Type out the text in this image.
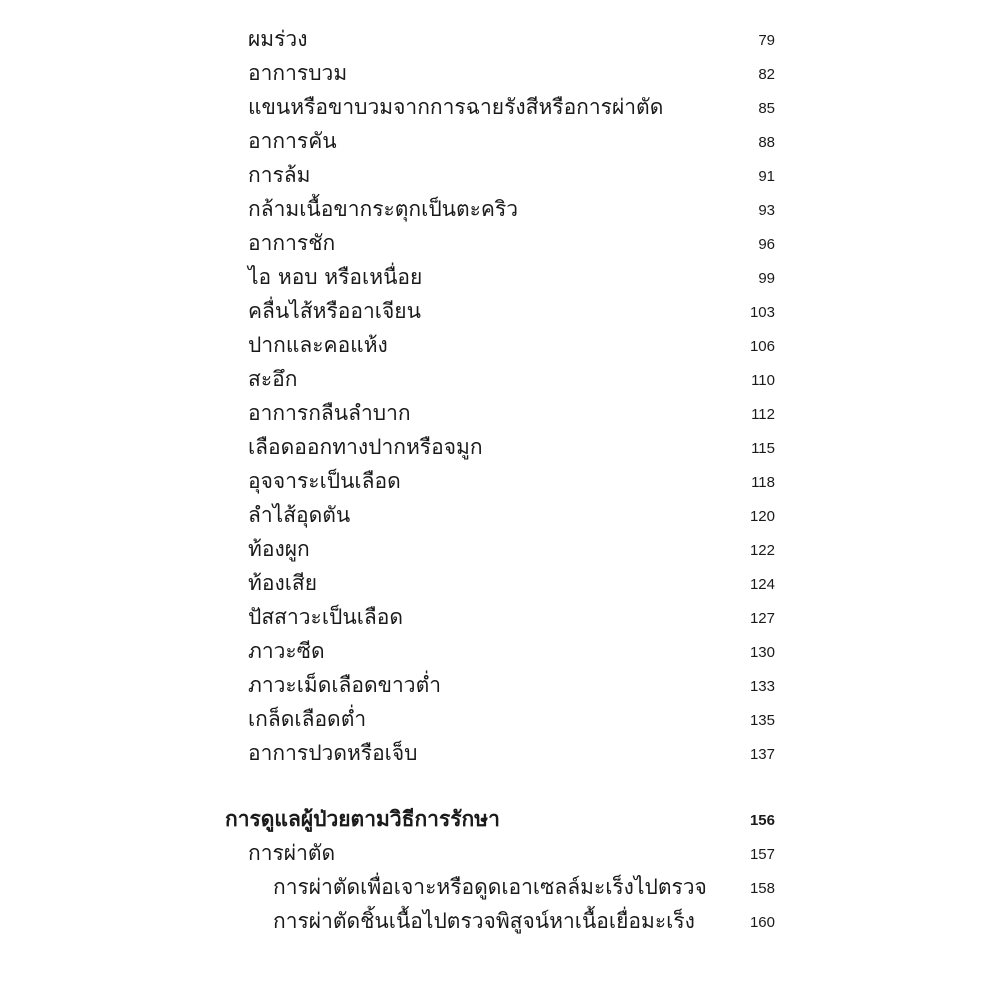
ผมร่วง	79
อาการบวม	82
แขนหรือขาบวมจากการฉายรังสีหรือการผ่าตัด	85
อาการคัน	88
การล้ม	91
กล้ามเนื้อขากระตุกเป็นตะคริว	93
อาการชัก	96
ไอ หอบ หรือเหนื่อย	99
คลื่นไส้หรืออาเจียน	103
ปากและคอแห้ง	106
สะอึก	110
อาการกลืนลำบาก	112
เลือดออกทางปากหรือจมูก	115
อุจจาระเป็นเลือด	118
ลำไส้อุดตัน	120
ท้องผูก	122
ท้องเสีย	124
ปัสสาวะเป็นเลือด	127
ภาวะซีด	130
ภาวะเม็ดเลือดขาวต่ำ	133
เกล็ดเลือดต่ำ	135
อาการปวดหรือเจ็บ	137
การดูแลผู้ป่วยตามวิธีการรักษา	156
การผ่าตัด	157
การผ่าตัดเพื่อเจาะหรือดูดเอาเซลล์มะเร็งไปตรวจ	158
การผ่าตัดชิ้นเนื้อไปตรวจพิสูจน์หาเนื้อเยื่อมะเร็ง	160
